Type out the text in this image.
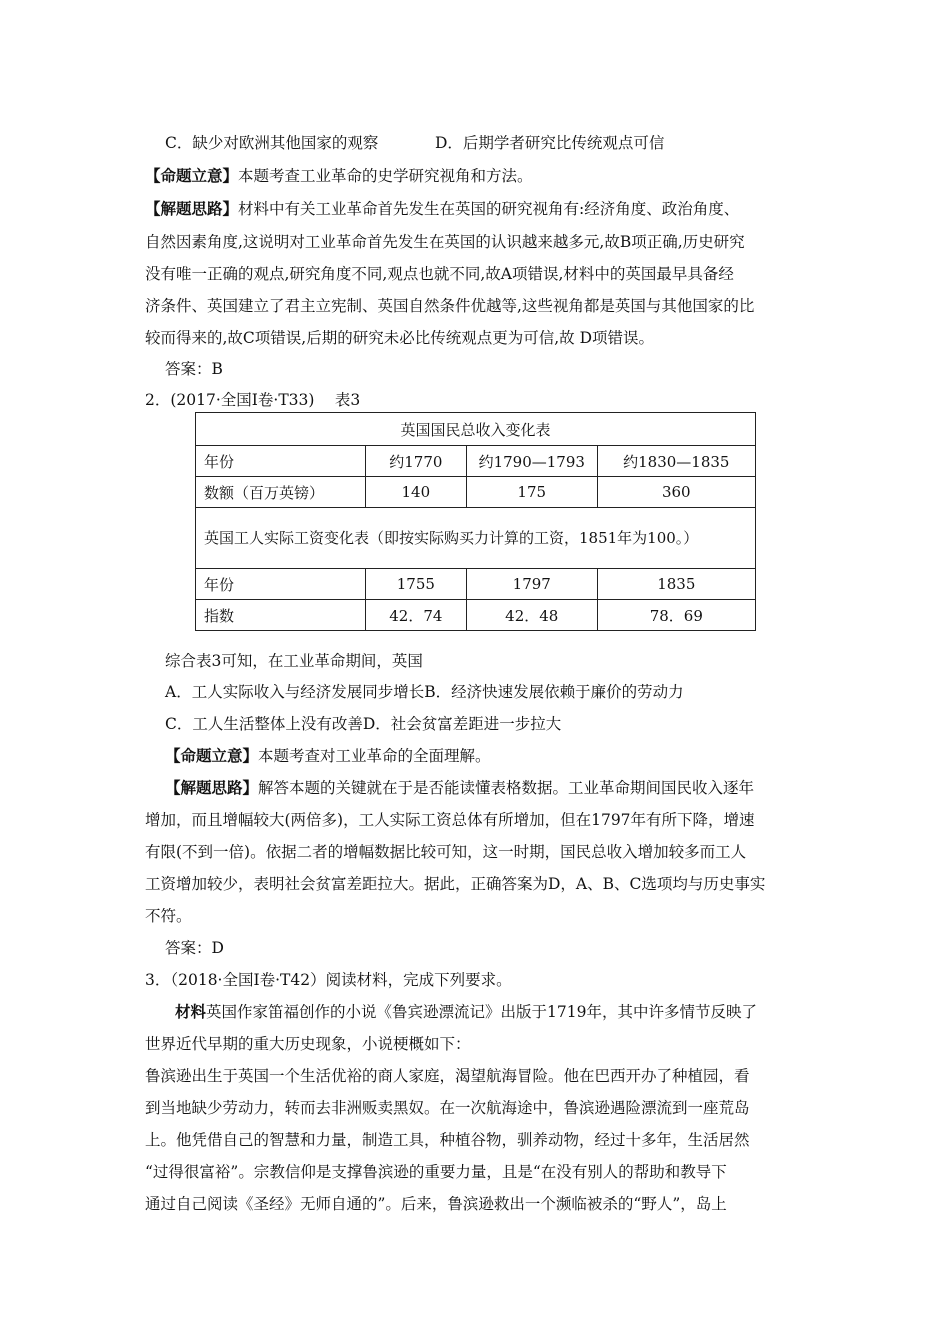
C．缺少对欧洲其他国家的观察	D．后期学者研究比传统观点可信
【命题立意】本题考查工业革命的史学研究视角和方法。
【解题思路】材料中有关工业革命首先发生在英国的研究视角有:经济角度、政治角度、
自然因素角度,这说明对工业革命首先发生在英国的认识越来越多元,故B项正确,历史研究
没有唯一正确的观点,研究角度不同,观点也就不同,故A项错误,材料中的英国最早具备经
济条件、英国建立了君主立宪制、英国自然条件优越等,这些视角都是英国与其他国家的比
较而得来的,故C项错误,后期的研究未必比传统观点更为可信,故 D项错误。
答案：B
2．(2017·全国Ⅰ卷·T33)　 表3
英国国民总收入变化表			
年份	约1770	约1790—1793	约1830—1835
数额（百万英镑）	140	175	360
英国工人实际工资变化表（即按实际购买力计算的工资，1851年为100。）			
年份	1755	1797	1835
指数	42．74	42．48	78．69
综合表3可知，在工业革命期间，英国
A．工人实际收入与经济发展同步增长B．经济快速发展依赖于廉价的劳动力
C．工人生活整体上没有改善D．社会贫富差距进一步拉大
【命题立意】本题考查对工业革命的全面理解。
【解题思路】解答本题的关键就在于是否能读懂表格数据。工业革命期间国民收入逐年
增加，而且增幅较大(两倍多)，工人实际工资总体有所增加，但在1797年有所下降，增速
有限(不到一倍)。依据二者的增幅数据比较可知，这一时期，国民总收入增加较多而工人
工资增加较少，表明社会贫富差距拉大。据此，正确答案为D，A、B、C选项均与历史事实
不符。
答案：D
3．（2018·全国Ⅰ卷·T42）阅读材料，完成下列要求。
材料英国作家笛福创作的小说《鲁宾逊漂流记》出版于1719年，其中许多情节反映了
世界近代早期的重大历史现象，小说梗概如下：
鲁滨逊出生于英国一个生活优裕的商人家庭，渴望航海冒险。他在巴西开办了种植园，看
到当地缺少劳动力，转而去非洲贩卖黑奴。在一次航海途中，鲁滨逊遇险漂流到一座荒岛
上。他凭借自己的智慧和力量，制造工具，种植谷物，驯养动物，经过十多年，生活居然
“过得很富裕”。宗教信仰是支撑鲁滨逊的重要力量，且是“在没有别人的帮助和教导下
通过自己阅读《圣经》无师自通的”。后来，鲁滨逊救出一个濒临被杀的“野人”，岛上
